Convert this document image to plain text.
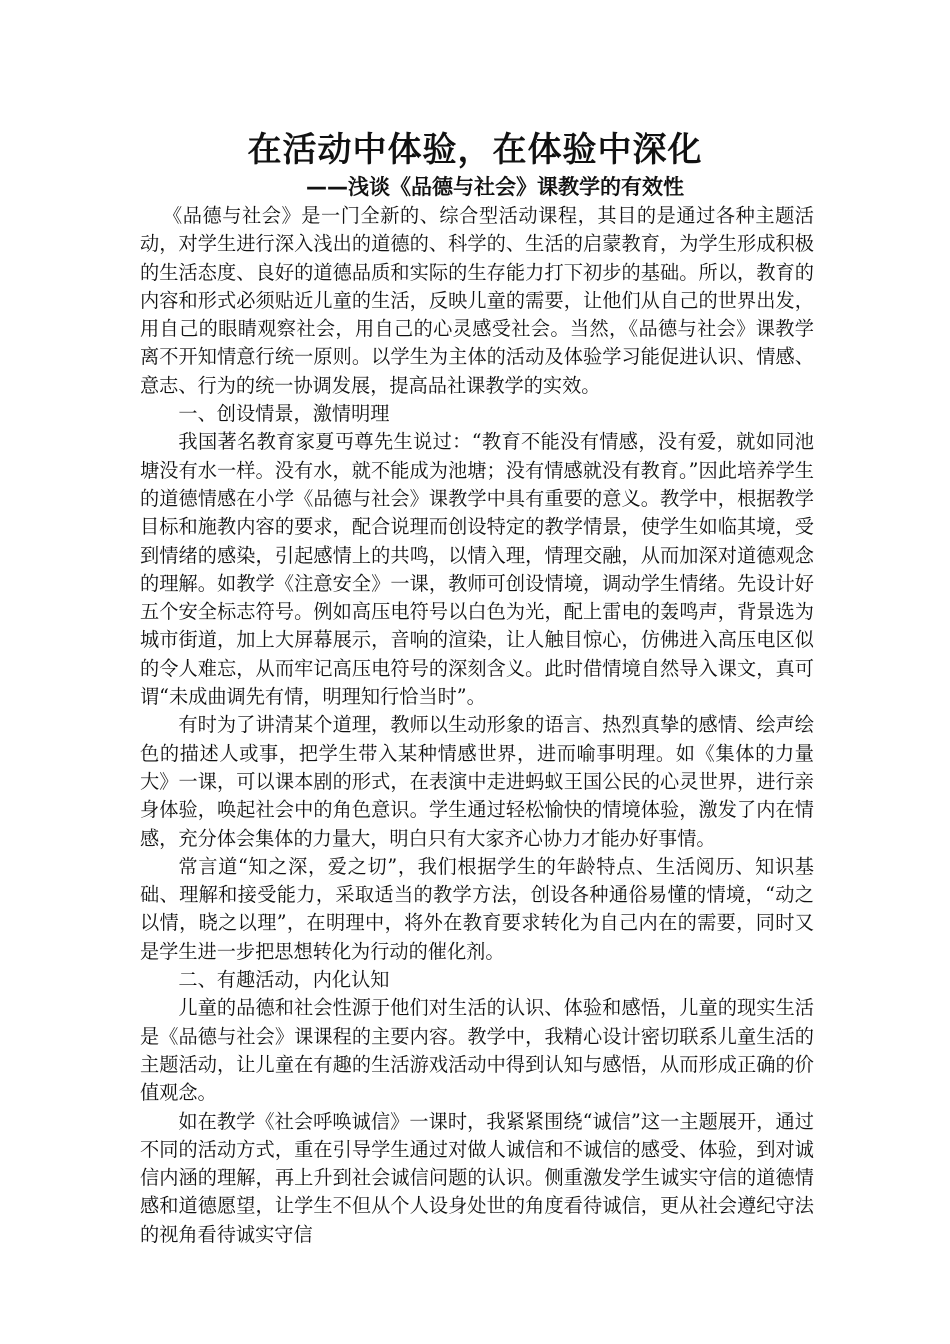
在活动中体验，在体验中深化
——浅谈《品德与社会》课教学的有效性

《品德与社会》是一门全新的、综合型活动课程，其目的是通过各种主题活动，对学生进行深入浅出的道德的、科学的、生活的启蒙教育，为学生形成积极的生活态度、良好的道德品质和实际的生存能力打下初步的基础。所以，教育的内容和形式必须贴近儿童的生活，反映儿童的需要，让他们从自己的世界出发，用自己的眼睛观察社会，用自己的心灵感受社会。当然，《品德与社会》课教学离不开知情意行统一原则。以学生为主体的活动及体验学习能促进认识、情感、意志、行为的统一协调发展，提高品社课教学的实效。

一、创设情景，激情明理

我国著名教育家夏丏尊先生说过：“教育不能没有情感，没有爱，就如同池塘没有水一样。没有水，就不能成为池塘；没有情感就没有教育。”因此培养学生的道德情感在小学《品德与社会》课教学中具有重要的意义。教学中，根据教学目标和施教内容的要求，配合说理而创设特定的教学情景，使学生如临其境，受到情绪的感染，引起感情上的共鸣，以情入理，情理交融，从而加深对道德观念的理解。如教学《注意安全》一课，教师可创设情境，调动学生情绪。先设计好五个安全标志符号。例如高压电符号以白色为光，配上雷电的轰鸣声，背景选为城市街道，加上大屏幕展示，音响的渲染，让人触目惊心，仿佛进入高压电区似的令人难忘，从而牢记高压电符号的深刻含义。此时借情境自然导入课文，真可谓“未成曲调先有情，明理知行恰当时”。

有时为了讲清某个道理，教师以生动形象的语言、热烈真挚的感情、绘声绘色的描述人或事，把学生带入某种情感世界，进而喻事明理。如《集体的力量大》一课，可以课本剧的形式，在表演中走进蚂蚁王国公民的心灵世界，进行亲身体验，唤起社会中的角色意识。学生通过轻松愉快的情境体验，激发了内在情感，充分体会集体的力量大，明白只有大家齐心协力才能办好事情。

常言道“知之深，爱之切”，我们根据学生的年龄特点、生活阅历、知识基础、理解和接受能力，采取适当的教学方法，创设各种通俗易懂的情境，“动之以情，晓之以理”，在明理中，将外在教育要求转化为自己内在的需要，同时又是学生进一步把思想转化为行动的催化剂。

二、有趣活动，内化认知

儿童的品德和社会性源于他们对生活的认识、体验和感悟，儿童的现实生活是《品德与社会》课课程的主要内容。教学中，我精心设计密切联系儿童生活的主题活动，让儿童在有趣的生活游戏活动中得到认知与感悟，从而形成正确的价值观念。

如在教学《社会呼唤诚信》一课时，我紧紧围绕“诚信”这一主题展开，通过不同的活动方式，重在引导学生通过对做人诚信和不诚信的感受、体验，到对诚信内涵的理解，再上升到社会诚信问题的认识。侧重激发学生诚实守信的道德情感和道德愿望，让学生不但从个人设身处世的角度看待诚信，更从社会遵纪守法的视角看待诚实守信
